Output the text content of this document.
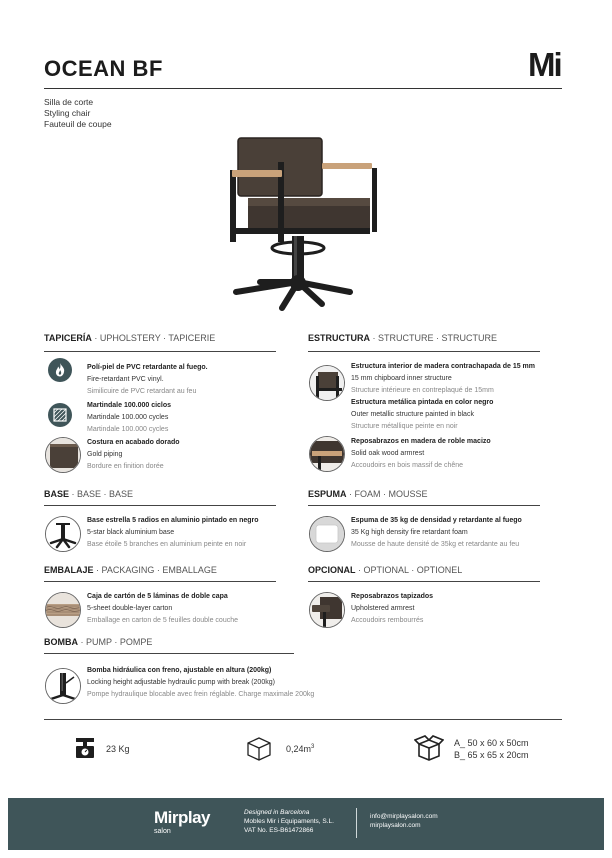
OCEAN BF	Mi
Silla de corte
Styling chair
Fauteuil de coupe
TAPICERÍA · UPHOLSTERY · TAPICERIE
Polí-piel de PVC retardante al fuego.
Fire-retardant PVC vinyl.
Similicuire de PVC retardant au feu
Martindale 100.000 ciclos
Martindale 100.000 cycles
Martindale 100.000 cycles
Costura en acabado dorado
Gold piping
Bordure en finition dorée
ESTRUCTURA · STRUCTURE · STRUCTURE
Estructura interior de madera contrachapada de 15 mm
15 mm chipboard inner structure
Structure intérieure en contreplaqué de 15mm
Estructura metálica pintada en color negro
Outer metallic structure painted in black
Structure métallique peinte en noir
Reposabrazos en madera de roble macizo
Solid oak wood armrest
Accoudoirs en bois massif de chêne
BASE · BASE · BASE
Base estrella 5 radios en aluminio pintado en negro
5-star black aluminium base
Base étoile 5 branches en aluminium peinte en noir
ESPUMA · FOAM · MOUSSE
Espuma de 35 kg de densidad y retardante al fuego
35 Kg high density fire retardant foam
Mousse de haute densité de 35kg et retardante au feu
EMBALAJE · PACKAGING · EMBALLAGE
Caja de cartón de 5 láminas de doble capa
5-sheet double-layer carton
Emballage en carton de 5 feuilles double couche
OPCIONAL · OPTIONAL · OPTIONEL
Reposabrazos tapizados
Upholstered armrest
Accoudoirs rembourrés
BOMBA · PUMP · POMPE
Bomba hidráulica con freno, ajustable en altura (200kg)
Locking height adjustable hydraulic pump with break (200kg)
Pompe hydraulique blocable avec frein réglable. Charge maximale 200kg
23 Kg	$0,24m^3$	A_ 50 x 60 x 50cm
B_ 65 x 65 x 20cm
Mirplay
salon
Designed in Barcelona
Mobles Mir i Equipaments, S.L.
VAT No. ES-B61472866
info@mirplaysalon.com
mirplaysalon.com
